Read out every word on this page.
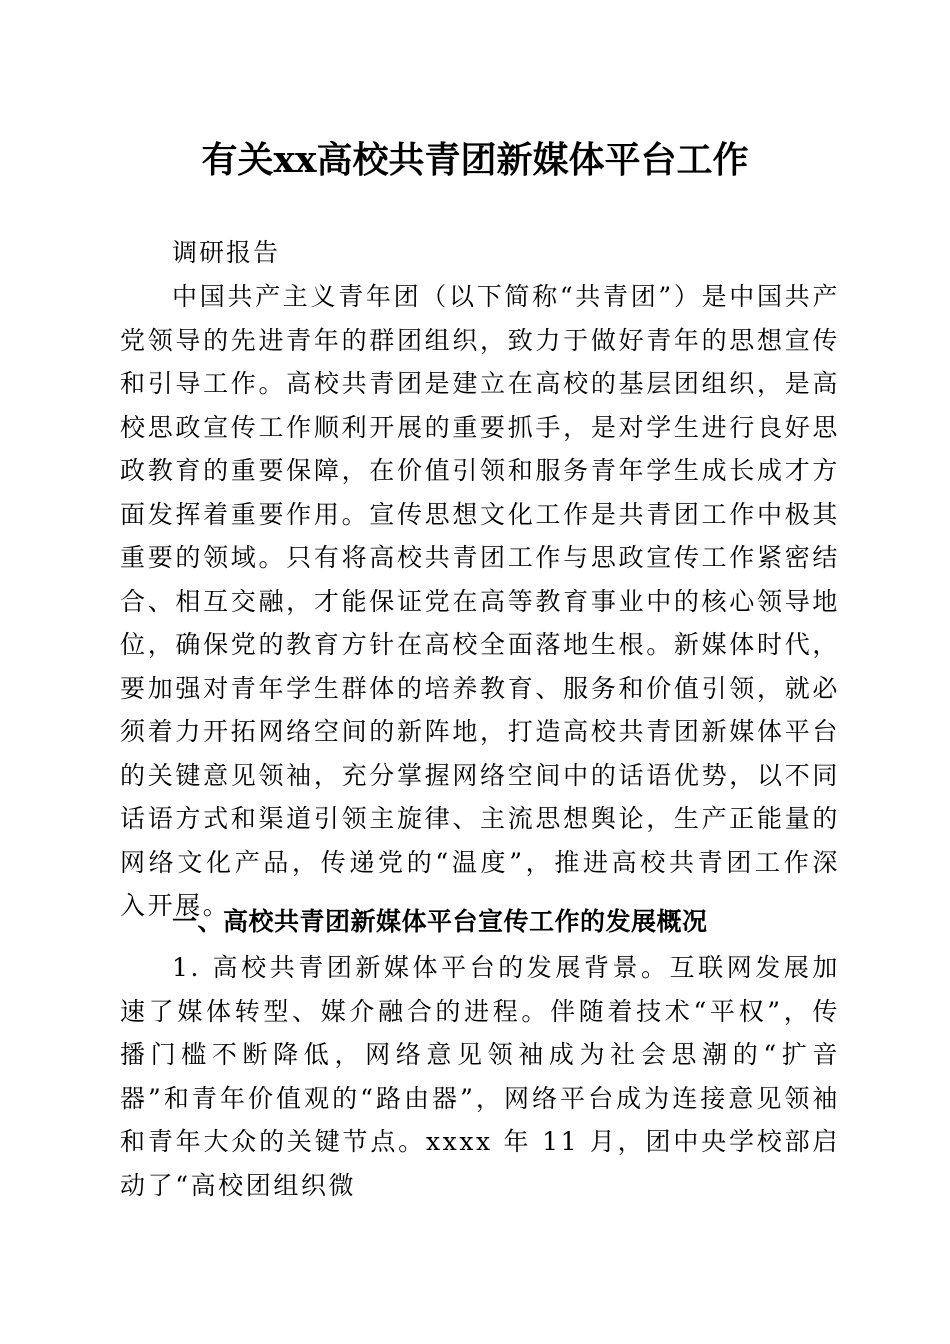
有关xx高校共青团新媒体平台工作
调研报告

中国共产主义青年团（以下简称“共青团”）是中国共产党领导的先进青年的群团组织，致力于做好青年的思想宣传和引导工作。高校共青团是建立在高校的基层团组织，是高校思政宣传工作顺利开展的重要抓手，是对学生进行良好思政教育的重要保障，在价值引领和服务青年学生成长成才方面发挥着重要作用。宣传思想文化工作是共青团工作中极其重要的领域。只有将高校共青团工作与思政宣传工作紧密结合、相互交融，才能保证党在高等教育事业中的核心领导地位，确保党的教育方针在高校全面落地生根。新媒体时代，要加强对青年学生群体的培养教育、服务和价值引领，就必须着力开拓网络空间的新阵地，打造高校共青团新媒体平台的关键意见领袖，充分掌握网络空间中的话语优势，以不同话语方式和渠道引领主旋律、主流思想舆论，生产正能量的网络文化产品，传递党的“温度”，推进高校共青团工作深入开展。

一、高校共青团新媒体平台宣传工作的发展概况

1. 高校共青团新媒体平台的发展背景。互联网发展加速了媒体转型、媒介融合的进程。伴随着技术“平权”，传播门槛不断降低，网络意见领袖成为社会思潮的“扩音器”和青年价值观的“路由器”，网络平台成为连接意见领袖和青年大众的关键节点。xxxx 年 11 月，团中央学校部启动了“高校团组织微
